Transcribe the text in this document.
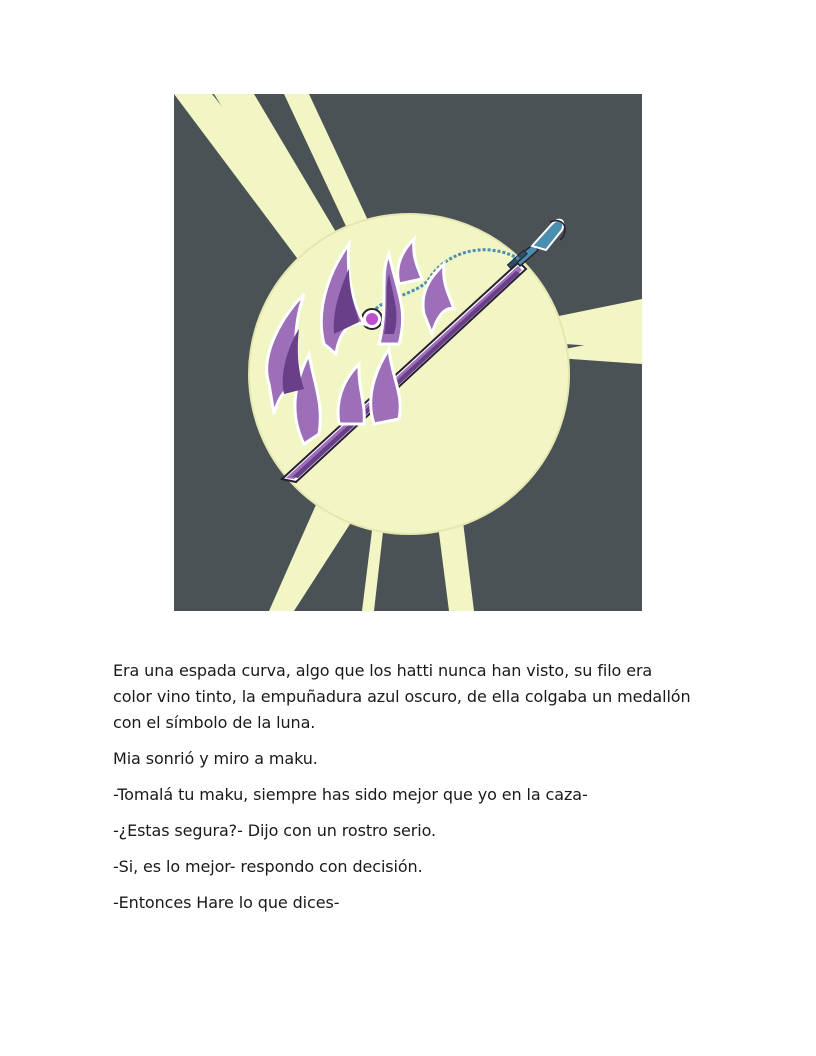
Era una espada curva, algo que los hatti nunca han visto, su filo era color vino tinto, la empuñadura azul oscuro, de ella colgaba un medallón con el símbolo de la luna.

Mia sonrió y miro a maku.

-Tomalá tu maku, siempre has sido mejor que yo en la caza-

-¿Estas segura?- Dijo con un rostro serio.

-Si, es lo mejor- respondo con decisión.

-Entonces Hare lo que dices-
